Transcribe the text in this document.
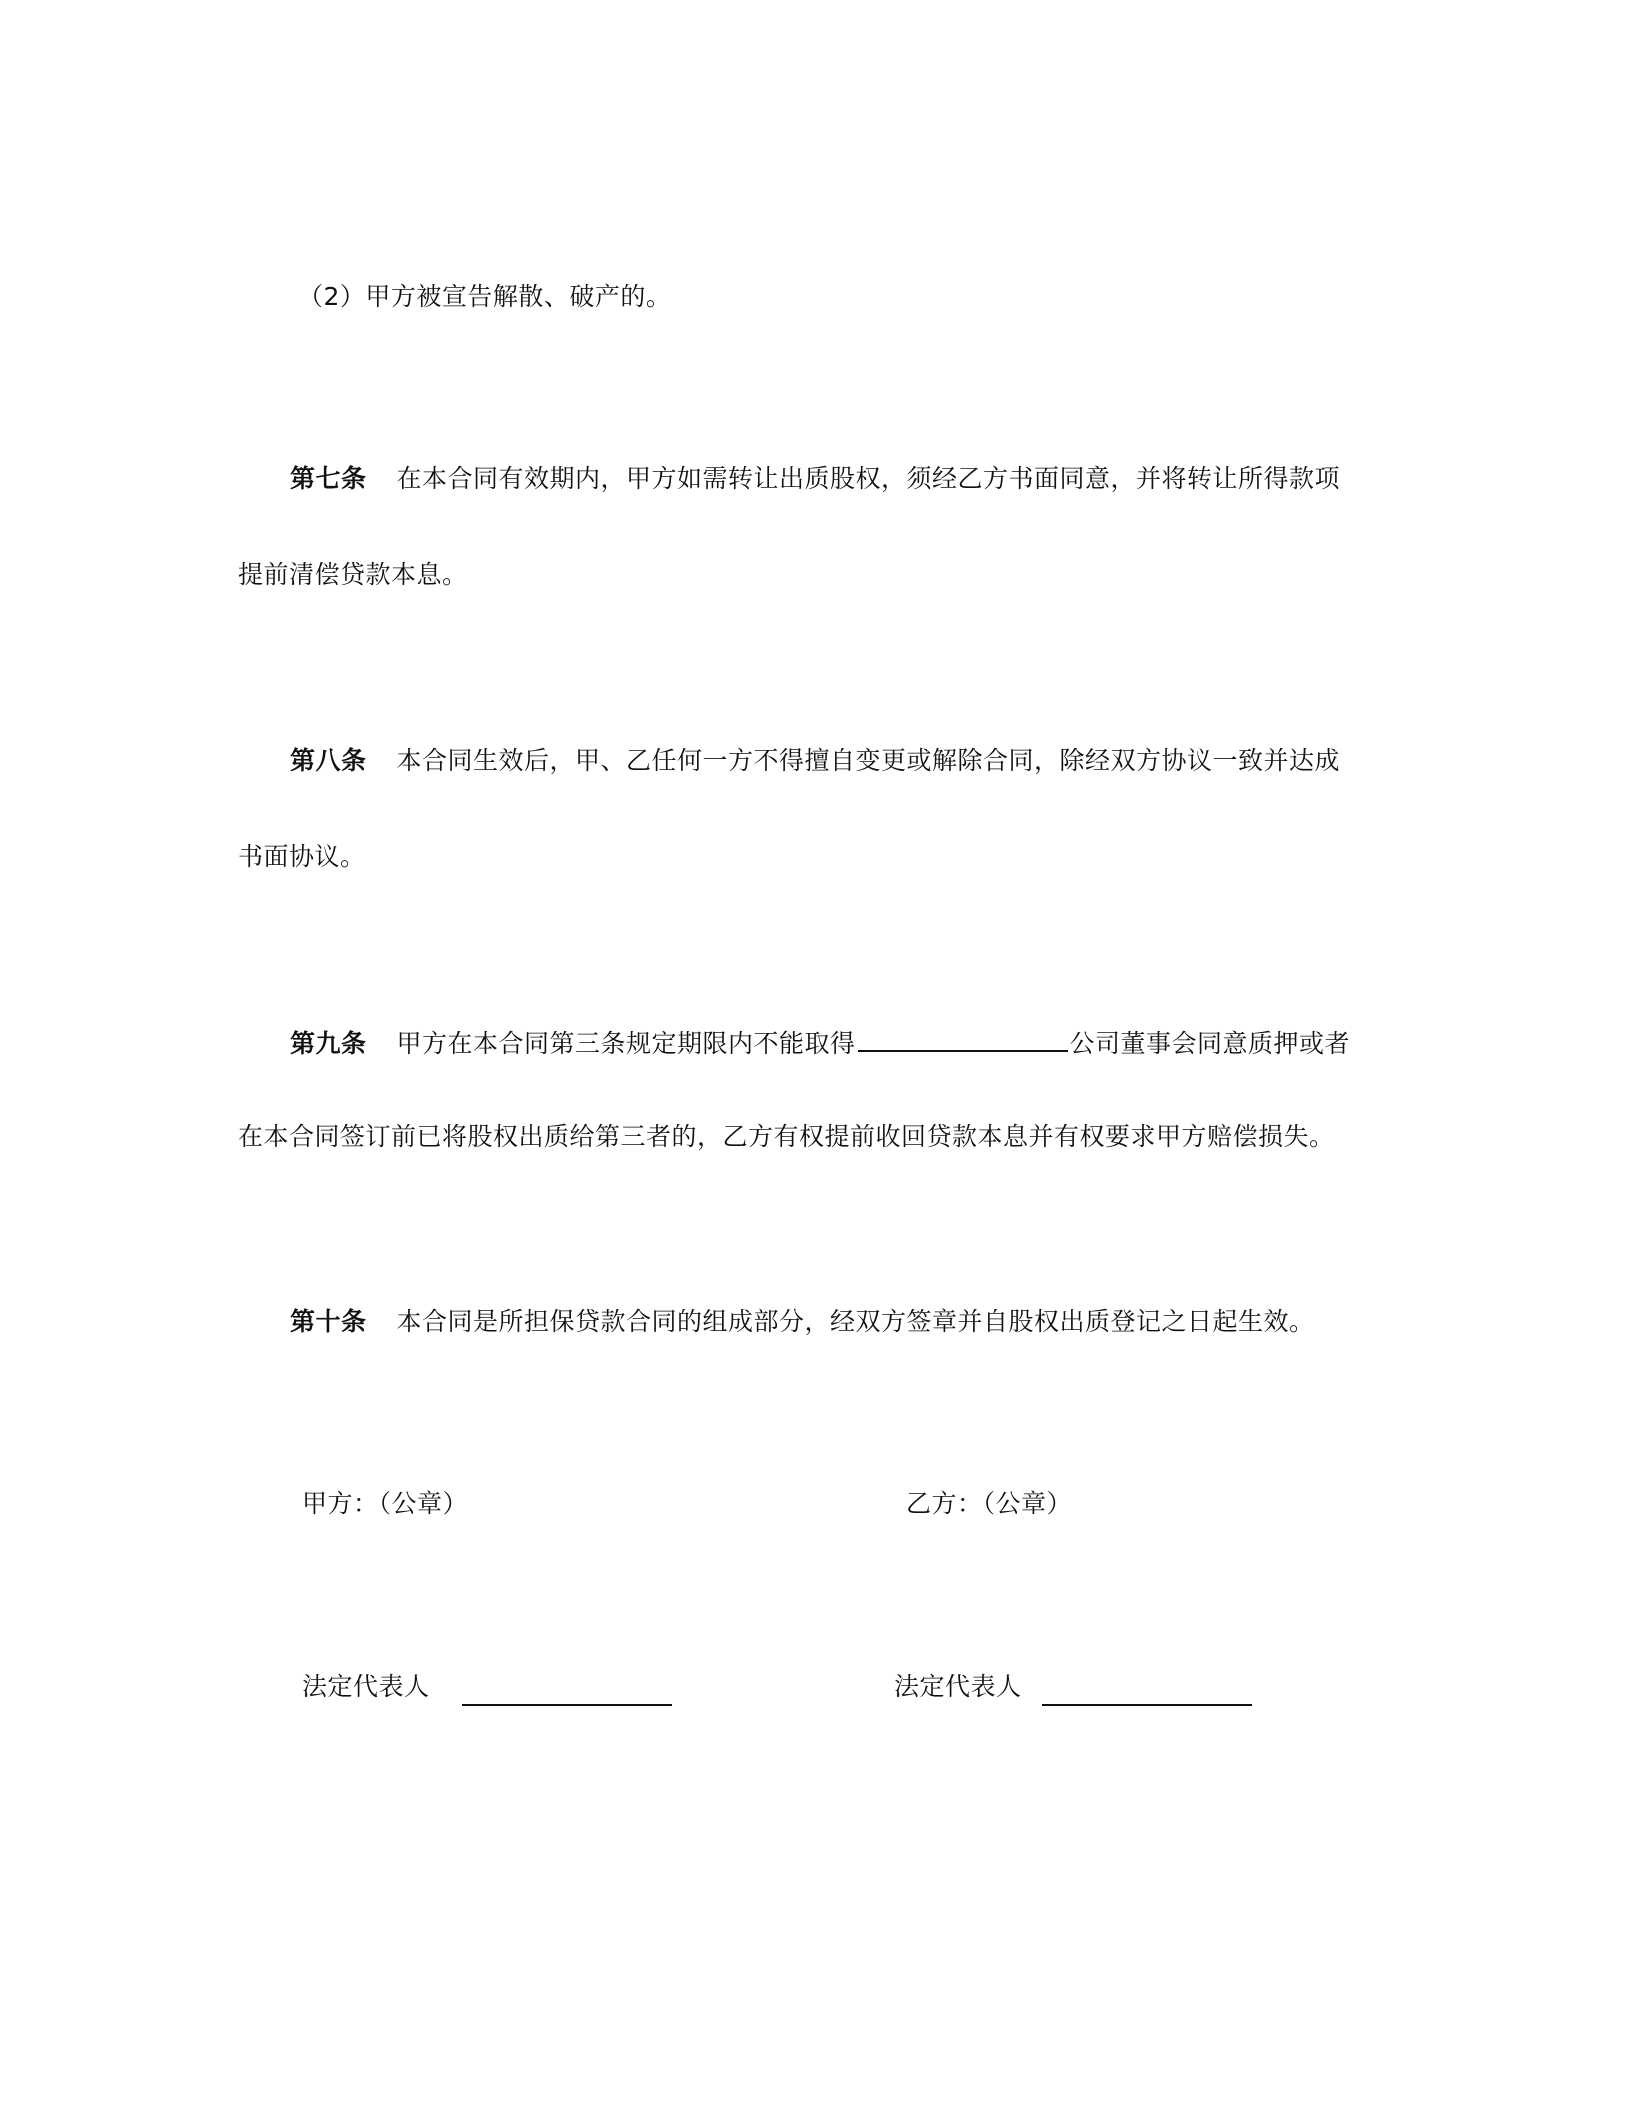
（2）甲方被宣告解散、破产的。
第七条 在本合同有效期内，甲方如需转让出质股权，须经乙方书面同意，并将转让所得款项
提前清偿贷款本息。
第八条 本合同生效后，甲、乙任何一方不得擅自变更或解除合同，除经双方协议一致并达成
书面协议。
第九条 甲方在本合同第三条规定期限内不能取得	公司董事会同意质押或者
在本合同签订前已将股权出质给第三者的，乙方有权提前收回贷款本息并有权要求甲方赔偿损失。
第十条 本合同是所担保贷款合同的组成部分，经双方签章并自股权出质登记之日起生效。
甲方：（公章）	乙方：（公章）
法定代表人	法定代表人
